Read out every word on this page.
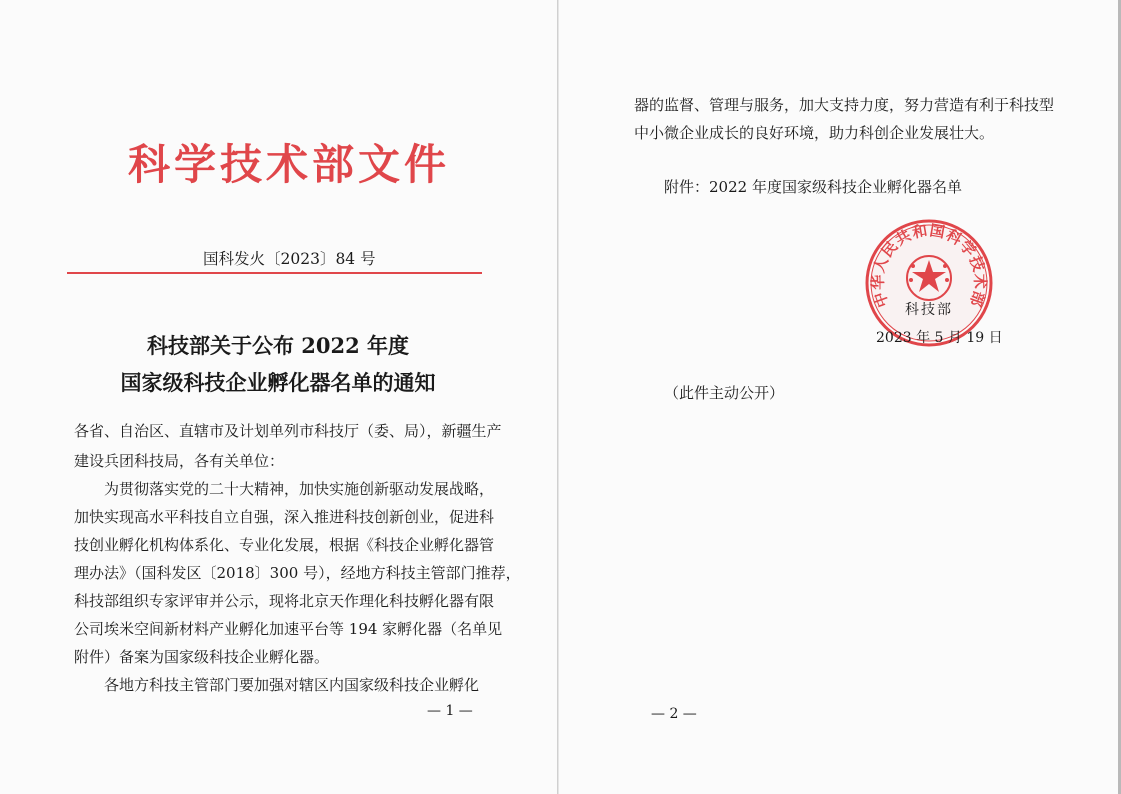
科学技术部文件
国科发火〔2023〕84 号
科技部关于公布 2022 年度
国家级科技企业孵化器名单的通知
各省、自治区、直辖市及计划单列市科技厅（委、局），新疆生产
建设兵团科技局，各有关单位：
为贯彻落实党的二十大精神，加快实施创新驱动发展战略，
加快实现高水平科技自立自强，深入推进科技创新创业，促进科
技创业孵化机构体系化、专业化发展，根据《科技企业孵化器管
理办法》（国科发区〔2018〕300 号），经地方科技主管部门推荐，
科技部组织专家评审并公示，现将北京天作理化科技孵化器有限
公司埃米空间新材料产业孵化加速平台等 194 家孵化器（名单见
附件）备案为国家级科技企业孵化器。
各地方科技主管部门要加强对辖区内国家级科技企业孵化
— 1 —
器的监督、管理与服务，加大支持力度，努力营造有利于科技型
中小微企业成长的良好环境，助力科创企业发展壮大。
附件：2022 年度国家级科技企业孵化器名单
中华人民共和国科学技术部
科技部
2023 年 5 月 19 日
（此件主动公开）
— 2 —
